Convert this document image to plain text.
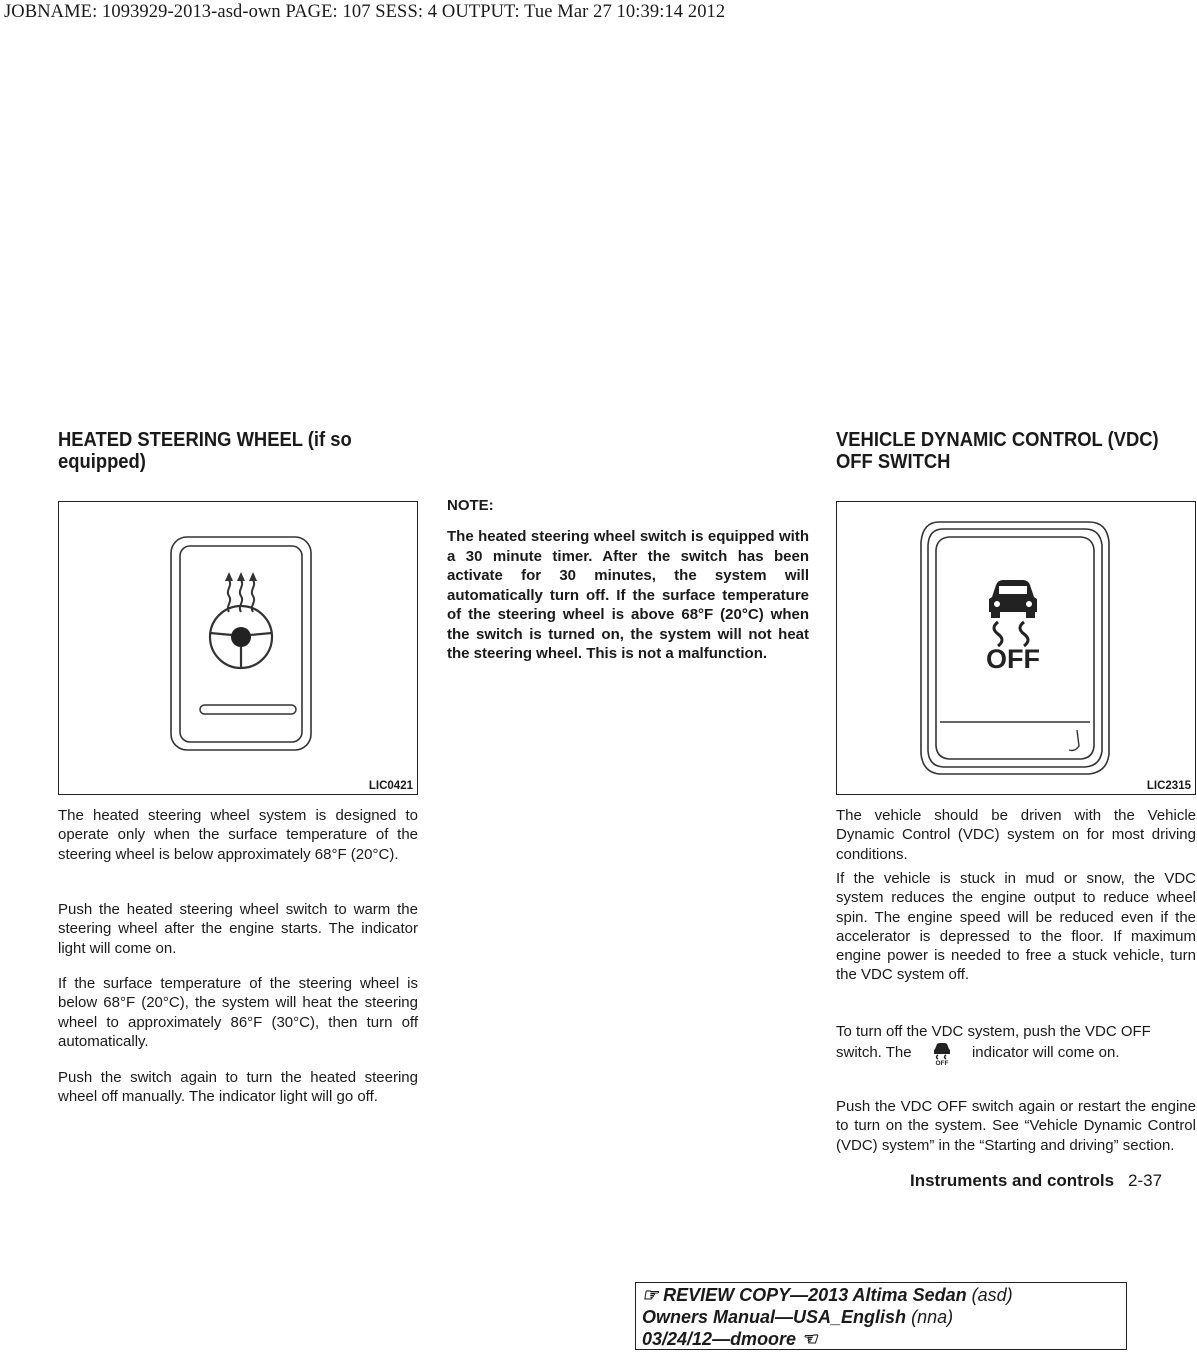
JOBNAME: 1093929-2013-asd-own PAGE: 107 SESS: 4 OUTPUT: Tue Mar 27 10:39:14 2012
HEATED STEERING WHEEL (if so equipped)
LIC0421

The heated steering wheel system is designed to operate only when the surface temperature of the steering wheel is below approximately 68°F (20°C).

Push the heated steering wheel switch to warm the steering wheel after the engine starts. The indicator light will come on.

If the surface temperature of the steering wheel is below 68°F (20°C), the system will heat the steering wheel to approximately 86°F (30°C), then turn off automatically.

Push the switch again to turn the heated steering wheel off manually. The indicator light will go off.

NOTE:

The heated steering wheel switch is equipped with a 30 minute timer. After the switch has been activate for 30 minutes, the system will automatically turn off. If the surface temperature of the steering wheel is above 68°F (20°C) when the switch is turned on, the system will not heat the steering wheel. This is not a malfunction.

VEHICLE DYNAMIC CONTROL (VDC) OFF SWITCH
OFF
LIC2315

The vehicle should be driven with the Vehicle Dynamic Control (VDC) system on for most driving conditions.

If the vehicle is stuck in mud or snow, the VDC system reduces the engine output to reduce wheel spin. The engine speed will be reduced even if the accelerator is depressed to the floor. If maximum engine power is needed to free a stuck vehicle, turn the VDC system off.

To turn off the VDC system, push the VDC OFF switch. The
OFF
indicator will come on.

Push the VDC OFF switch again or restart the engine to turn on the system. See “Vehicle Dynamic Control (VDC) system” in the “Starting and driving” section.

Instruments and controls 2-37
☞ REVIEW COPY—2013 Altima Sedan (asd)
Owners Manual—USA_English (nna)
03/24/12—dmoore ☜
